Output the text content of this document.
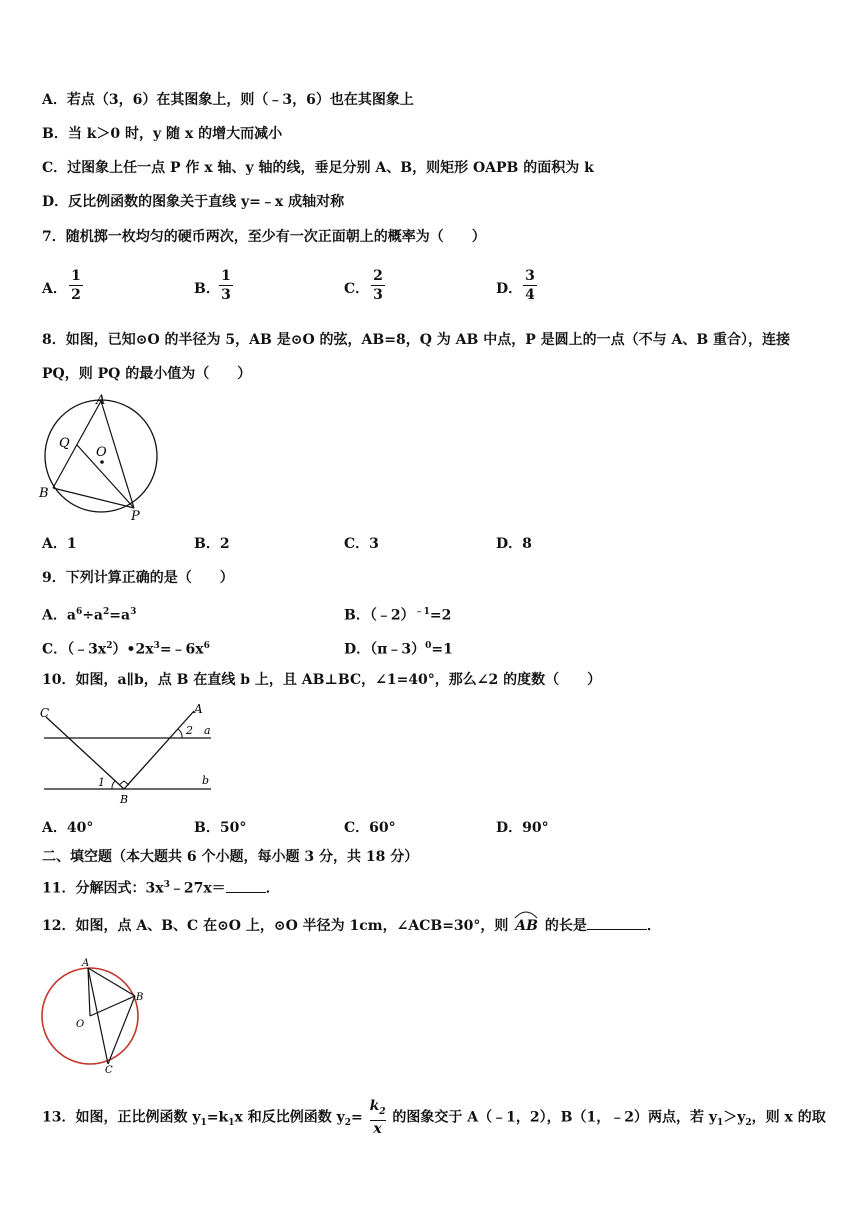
A．若点（3，6）在其图象上，则（﹣3，6）也在其图象上
B．当 k＞0 时，y 随 x 的增大而减小
C．过图象上任一点 P 作 x 轴、y 轴的线，垂足分别 A、B，则矩形 OAPB 的面积为 k
D．反比例函数的图象关于直线 y=﹣x 成轴对称
7．随机掷一枚均匀的硬币两次，至少有一次正面朝上的概率为（　　）
A．
1
2	B．
1
3	C．
2
3	D．
3
4
8．如图，已知⊙O 的半径为 5，AB 是⊙O 的弦，AB=8，Q 为 AB 中点，P 是圆上的一点（不与 A、B 重合），连接
PQ，则 PQ 的最小值为（　　）
A
Q
O
B
P
A．1	B．2	C．3	D．8
9．下列计算正确的是（　　）
A．$a^6\div a^2=a^3$	B．（﹣2）$^{﹣1}$=2
C．$(﹣3x^2)•2x^3=﹣6x^6$	D．（π﹣3）$^0$=1
10．如图，a∥b，点 B 在直线 b 上，且 AB⊥BC，∠1=40°，那么∠2 的度数（　　）
C	A
2 a
1	b
B
A．40°	B．50°	C．60°	D．90°
二、填空题（本大题共 6 个小题，每小题 3 分，共 18 分）
11．分解因式：$3x^3﹣27x=$	．
12．如图，点 A、B、C 在⊙O 上，⊙O 半径为 1cm，∠ACB=30°，则 AB 的长是	．
A
B
O
C
13．如图，正比例函数 $y_1=k_1x$ 和反比例函数 $y_2= \frac{k_2}{x}$ 的图象交于 A（﹣1，2），B（1，﹣2）两点，若 $y_1>y_2$，则 x 的取
